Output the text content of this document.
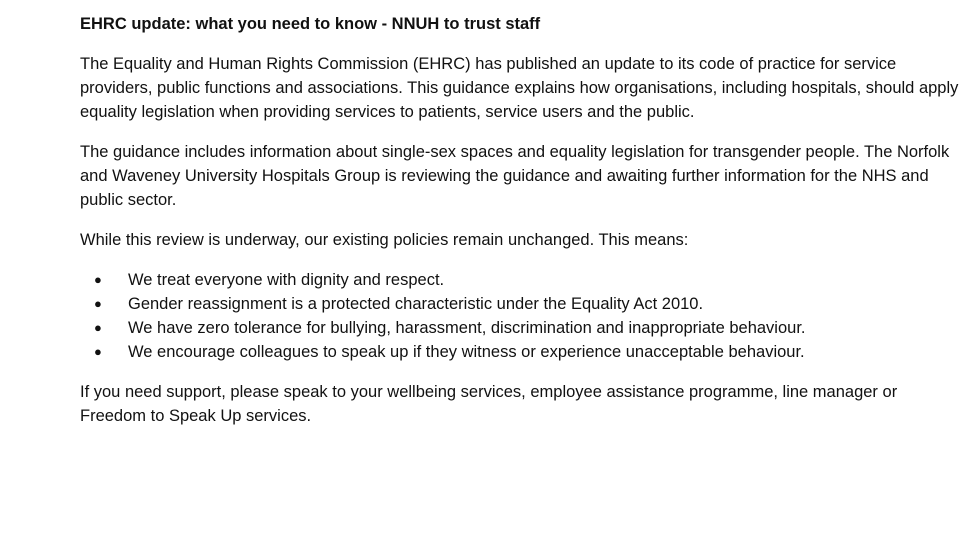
EHRC update: what you need to know - NNUH to trust staff

The Equality and Human Rights Commission (EHRC) has published an update to its code of practice for service providers, public functions and associations. This guidance explains how organisations, including hospitals, should apply equality legislation when providing services to patients, service users and the public.

The guidance includes information about single-sex spaces and equality legislation for transgender people. The Norfolk and Waveney University Hospitals Group is reviewing the guidance and awaiting further information for the NHS and public sector.

While this review is underway, our existing policies remain unchanged. This means:

● We treat everyone with dignity and respect.
● Gender reassignment is a protected characteristic under the Equality Act 2010.
● We have zero tolerance for bullying, harassment, discrimination and inappropriate behaviour.
● We encourage colleagues to speak up if they witness or experience unacceptable behaviour.

If you need support, please speak to your wellbeing services, employee assistance programme, line manager or Freedom to Speak Up services.
